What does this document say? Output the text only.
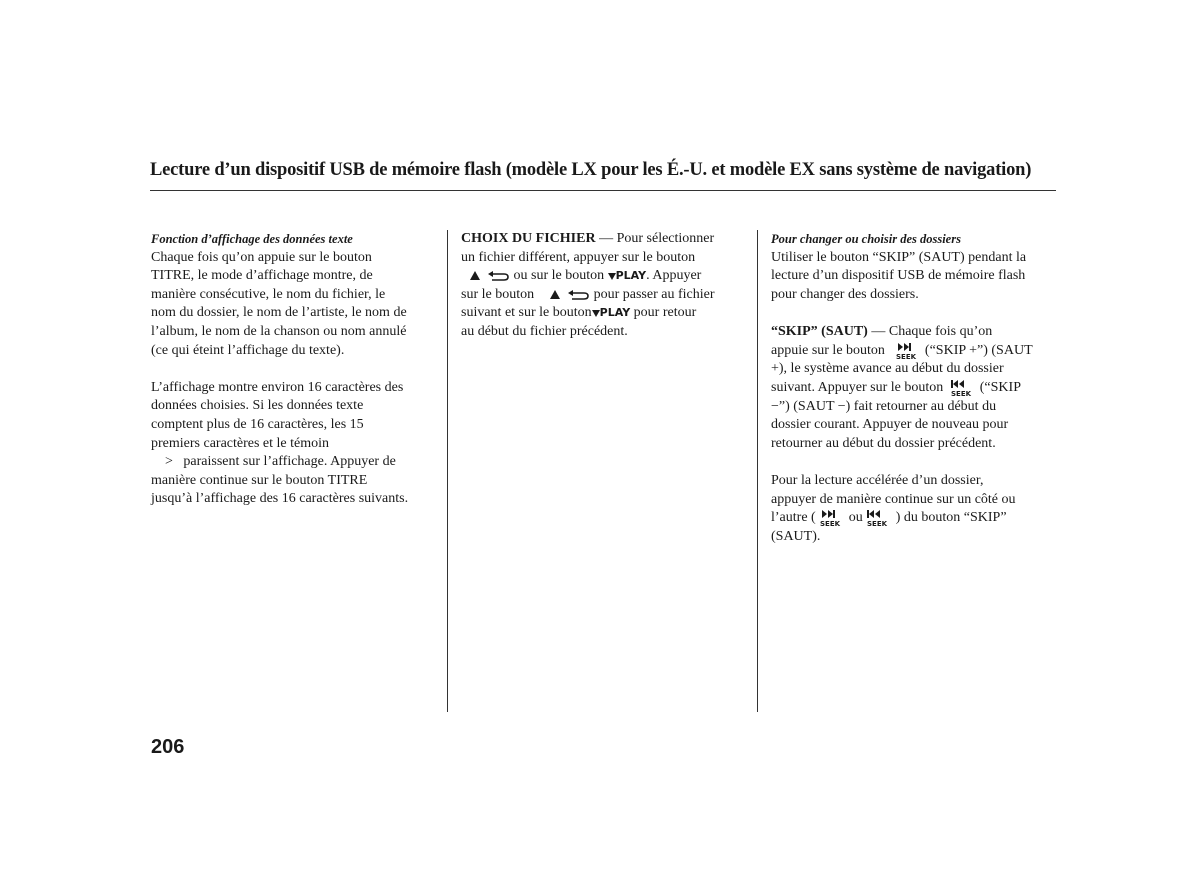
Lecture d’un dispositif USB de mémoire flash (modèle LX pour les É.-U. et modèle EX sans système de navigation)
Fonction d’affichage des données texte
Chaque fois qu’on appuie sur le bouton
TITRE, le mode d’affichage montre, de
manière consécutive, le nom du fichier, le
nom du dossier, le nom de l’artiste, le nom de
l’album, le nom de la chanson ou nom annulé
(ce qui éteint l’affichage du texte).
L’affichage montre environ 16 caractères des
données choisies. Si les données texte
comptent plus de 16 caractères, les 15
premiers caractères et le témoin
> paraissent sur l’affichage. Appuyer de
manière continue sur le bouton TITRE
jusqu’à l’affichage des 16 caractères suivants.
CHOIX DU FICHIER — Pour sélectionner
un fichier différent, appuyer sur le bouton

ou sur le bouton PLAY. Appuyer
sur le bouton	pour passer au fichier
suivant et sur le bouton PLAY pour retour
au début du fichier précédent.
Pour changer ou choisir des dossiers
Utiliser le bouton “SKIP” (SAUT) pendant la
lecture d’un dispositif USB de mémoire flash
pour changer des dossiers.
“SKIP” (SAUT) — Chaque fois qu’on
appuie sur le bouton SEEK (“SKIP +”) (SAUT
+), le système avance au début du dossier
suivant. Appuyer sur le bouton SEEK (“SKIP
−”) (SAUT −) fait retourner au début du
dossier courant. Appuyer de nouveau pour
retourner au début du dossier précédent.
Pour la lecture accélérée d’un dossier,
appuyer de manière continue sur un côté ou
l’autre ( SEEK ou SEEK ) du bouton “SKIP”
(SAUT).
206
